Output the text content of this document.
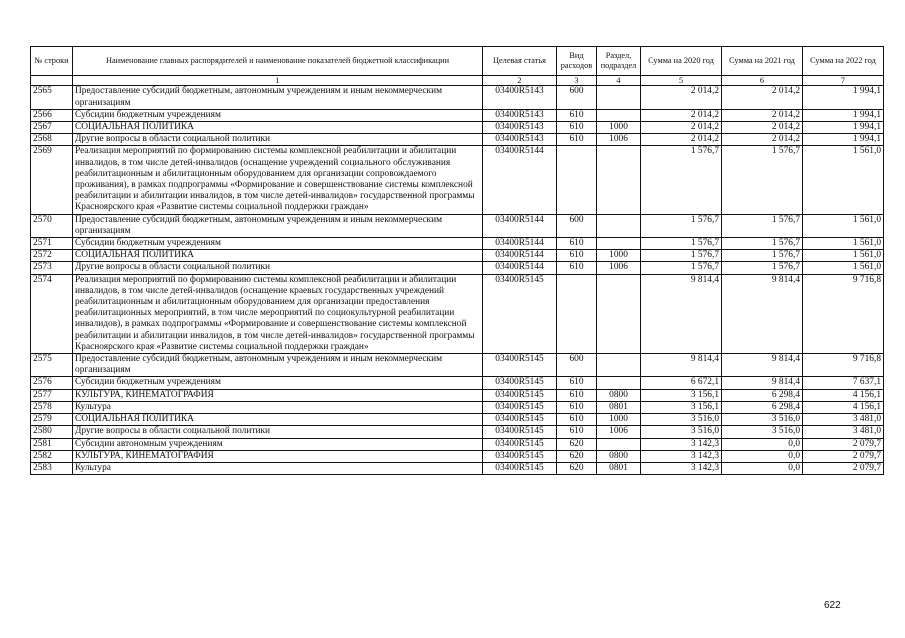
№ строки	Наименование главных распорядителей и наименование показателей бюджетной классификации	Целевая статья	Вид расходов	Раздел, подраздел	Сумма на 2020 год	Сумма на 2021 год	Сумма на 2022 год
	1	2	3	4	5	6	7
2565	Предоставление субсидий бюджетным, автономным учреждениям и иным некоммерческим организациям	03400R5143	600		2 014,2	2 014,2	1 994,1
2566	Субсидии бюджетным учреждениям	03400R5143	610		2 014,2	2 014,2	1 994,1
2567	СОЦИАЛЬНАЯ ПОЛИТИКА	03400R5143	610	1000	2 014,2	2 014,2	1 994,1
2568	Другие вопросы в области социальной политики	03400R5143	610	1006	2 014,2	2 014,2	1 994,1
2569	Реализация мероприятий по формированию системы комплексной реабилитации и абилитации инвалидов, в том числе детей-инвалидов (оснащение учреждений социального обслуживания реабилитационным и абилитационным оборудованием для организации сопровождаемого проживания), в рамках подпрограммы «Формирование и совершенствование системы комплексной реабилитации и абилитации инвалидов, в том числе детей-инвалидов» государственной программы Красноярского края «Развитие системы социальной поддержки граждан»	03400R5144			1 576,7	1 576,7	1 561,0
2570	Предоставление субсидий бюджетным, автономным учреждениям и иным некоммерческим организациям	03400R5144	600		1 576,7	1 576,7	1 561,0
2571	Субсидии бюджетным учреждениям	03400R5144	610		1 576,7	1 576,7	1 561,0
2572	СОЦИАЛЬНАЯ ПОЛИТИКА	03400R5144	610	1000	1 576,7	1 576,7	1 561,0
2573	Другие вопросы в области социальной политики	03400R5144	610	1006	1 576,7	1 576,7	1 561,0
2574	Реализация мероприятий по формированию системы комплексной реабилитации и абилитации инвалидов, в том числе детей-инвалидов (оснащение краевых государственных учреждений реабилитационным и абилитационным оборудованием для организации предоставления реабилитационных мероприятий, в том числе мероприятий по социокультурной реабилитации инвалидов), в рамках подпрограммы «Формирование и совершенствование системы комплексной реабилитации и абилитации инвалидов, в том числе детей-инвалидов» государственной программы Красноярского края «Развитие системы социальной поддержки граждан»	03400R5145			9 814,4	9 814,4	9 716,8
2575	Предоставление субсидий бюджетным, автономным учреждениям и иным некоммерческим организациям	03400R5145	600		9 814,4	9 814,4	9 716,8
2576	Субсидии бюджетным учреждениям	03400R5145	610		6 672,1	9 814,4	7 637,1
2577	КУЛЬТУРА, КИНЕМАТОГРАФИЯ	03400R5145	610	0800	3 156,1	6 298,4	4 156,1
2578	Культура	03400R5145	610	0801	3 156,1	6 298,4	4 156,1
2579	СОЦИАЛЬНАЯ ПОЛИТИКА	03400R5145	610	1000	3 516,0	3 516,0	3 481,0
2580	Другие вопросы в области социальной политики	03400R5145	610	1006	3 516,0	3 516,0	3 481,0
2581	Субсидии автономным учреждениям	03400R5145	620		3 142,3	0,0	2 079,7
2582	КУЛЬТУРА, КИНЕМАТОГРАФИЯ	03400R5145	620	0800	3 142,3	0,0	2 079,7
2583	Культура	03400R5145	620	0801	3 142,3	0,0	2 079,7
622
